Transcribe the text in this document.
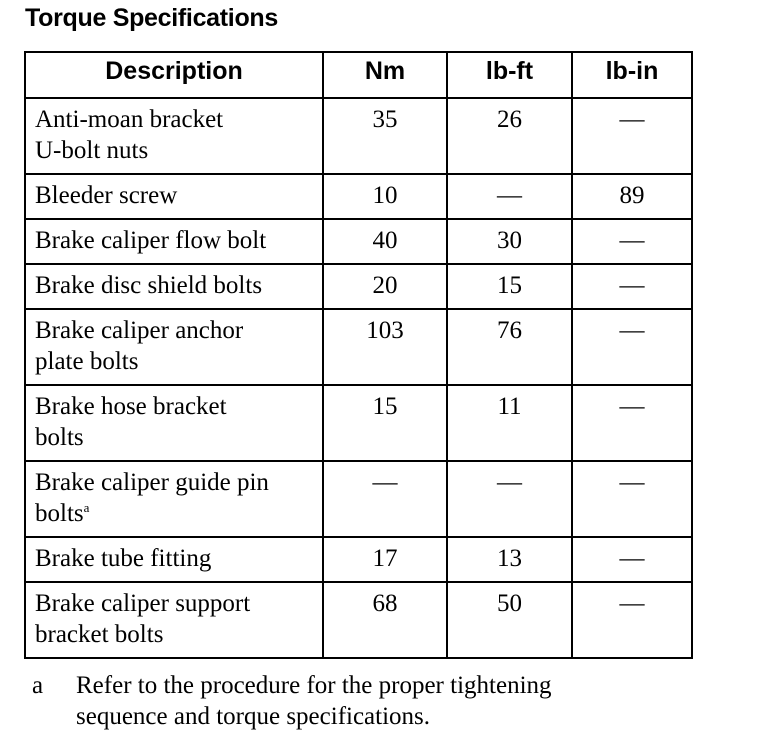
Torque Specifications
Description	Nm	lb-ft	lb-in

Anti-moan bracket
U-bolt nuts	35	26	—

Bleeder screw	10	—	89

Brake caliper flow bolt	40	30	—

Brake disc shield bolts	20	15	—

Brake caliper anchor
plate bolts	103	76	—

Brake hose bracket
bolts	15	11	—

Brake caliper guide pin
bolts$^a$	—	—	—

Brake tube fitting	17	13	—

Brake caliper support
bracket bolts	68	50	—
a Refer to the procedure for the proper tightening
sequence and torque specifications.
